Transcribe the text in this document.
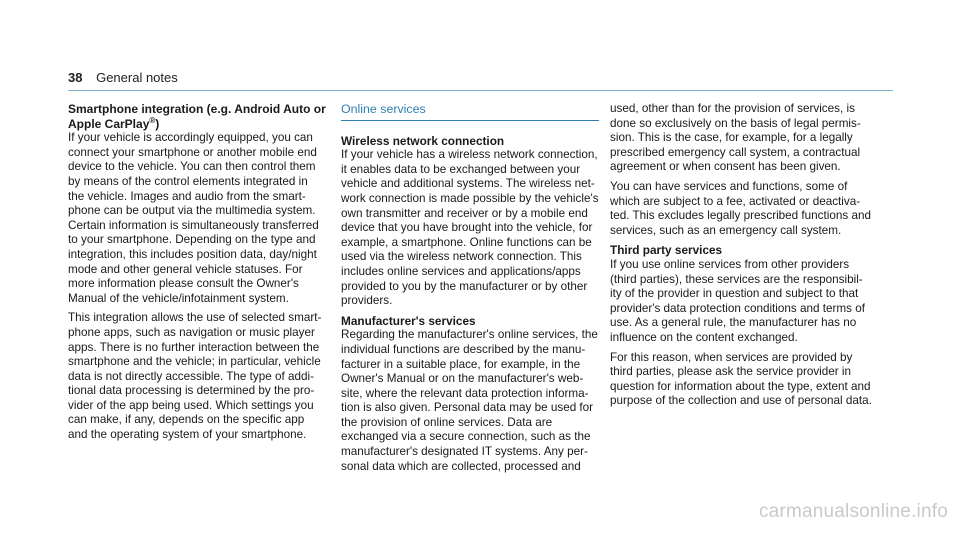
38 General notes

Smartphone integration (e.g. Android Auto or Apple CarPlay®)

If your vehicle is accordingly equipped, you can connect your smartphone or another mobile end device to the vehicle. You can then control them by means of the control elements integrated in the vehicle. Images and audio from the smart-phone can be output via the multimedia system. Certain information is simultaneously transferred to your smartphone. Depending on the type and integration, this includes position data, day/night mode and other general vehicle statuses. For more information please consult the Owner's Manual of the vehicle/infotainment system.

This integration allows the use of selected smart-phone apps, such as navigation or music player apps. There is no further interaction between the smartphone and the vehicle; in particular, vehicle data is not directly accessible. The type of addi-tional data processing is determined by the pro-vider of the app being used. Which settings you can make, if any, depends on the specific app and the operating system of your smartphone.

Online services

Wireless network connection

If your vehicle has a wireless network connection, it enables data to be exchanged between your vehicle and additional systems. The wireless net-work connection is made possible by the vehicle's own transmitter and receiver or by a mobile end device that you have brought into the vehicle, for example, a smartphone. Online functions can be used via the wireless network connection. This includes online services and applications/apps provided to you by the manufacturer or by other providers.

Manufacturer's services

Regarding the manufacturer's online services, the individual functions are described by the manu-facturer in a suitable place, for example, in the Owner's Manual or on the manufacturer's web-site, where the relevant data protection informa-tion is also given. Personal data may be used for the provision of online services. Data are exchanged via a secure connection, such as the manufacturer's designated IT systems. Any per-sonal data which are collected, processed and

used, other than for the provision of services, is done so exclusively on the basis of legal permis-sion. This is the case, for example, for a legally prescribed emergency call system, a contractual agreement or when consent has been given.

You can have services and functions, some of which are subject to a fee, activated or deactiva-ted. This excludes legally prescribed functions and services, such as an emergency call system.

Third party services

If you use online services from other providers (third parties), these services are the responsibil-ity of the provider in question and subject to that provider's data protection conditions and terms of use. As a general rule, the manufacturer has no influence on the content exchanged.

For this reason, when services are provided by third parties, please ask the service provider in question for information about the type, extent and purpose of the collection and use of personal data.

carmanualsonline.info
